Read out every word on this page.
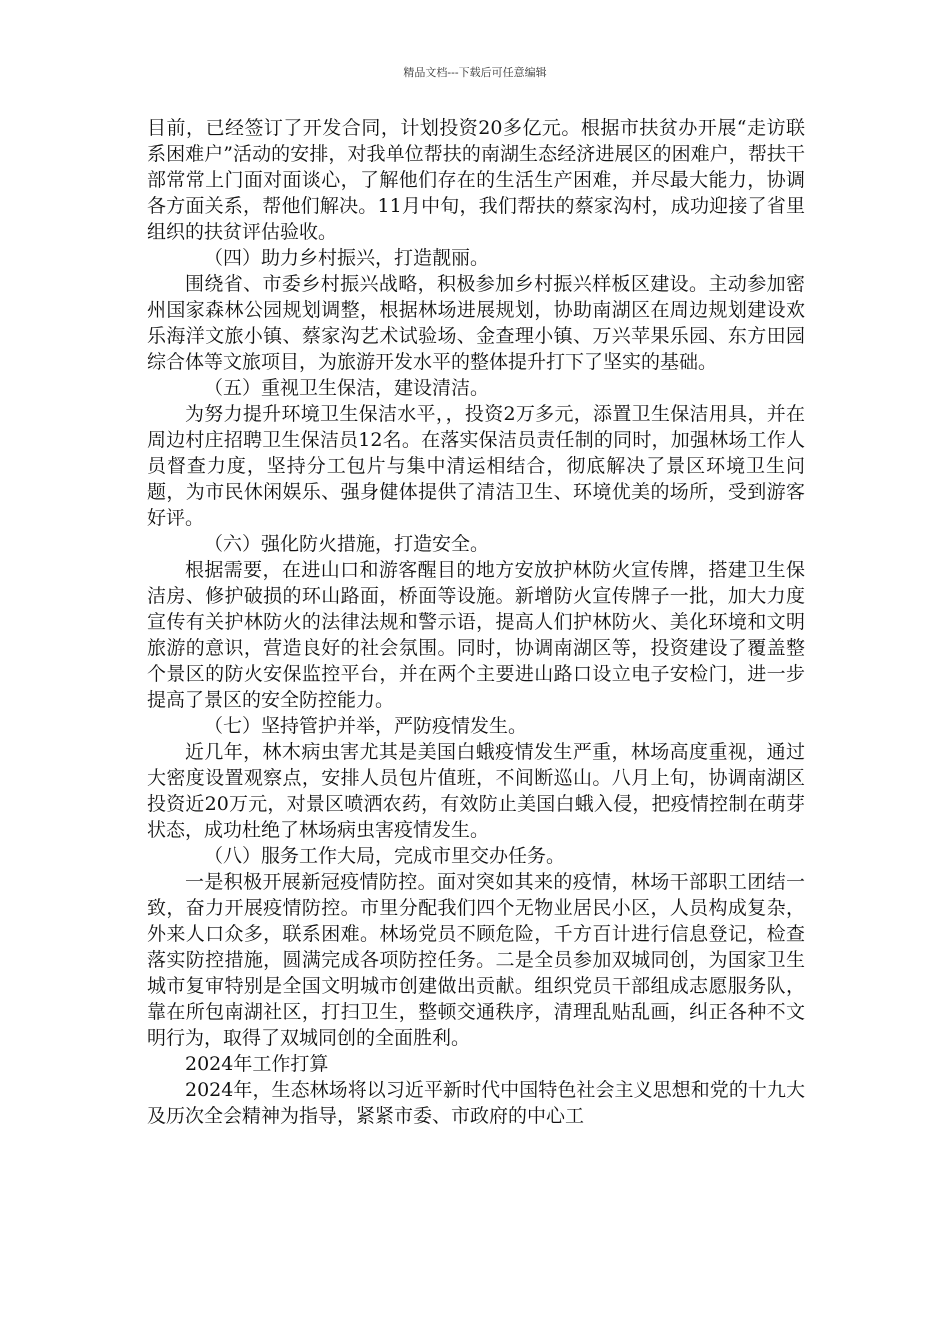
精品文档---下载后可任意编辑

目前，已经签订了开发合同，计划投资20多亿元。根据市扶贫办开展“走访联系困难户”活动的安排，对我单位帮扶的南湖生态经济进展区的困难户，帮扶干部常常上门面对面谈心，了解他们存在的生活生产困难，并尽最大能力，协调各方面关系，帮他们解决。11月中旬，我们帮扶的蔡家沟村，成功迎接了省里组织的扶贫评估验收。

（四）助力乡村振兴，打造靓丽。

围绕省、市委乡村振兴战略，积极参加乡村振兴样板区建设。主动参加密州国家森林公园规划调整，根据林场进展规划，协助南湖区在周边规划建设欢乐海洋文旅小镇、蔡家沟艺术试验场、金查理小镇、万兴苹果乐园、东方田园综合体等文旅项目，为旅游开发水平的整体提升打下了坚实的基础。

（五）重视卫生保洁，建设清洁。

为努力提升环境卫生保洁水平，，投资2万多元，添置卫生保洁用具，并在周边村庄招聘卫生保洁员12名。在落实保洁员责任制的同时，加强林场工作人员督查力度，坚持分工包片与集中清运相结合，彻底解决了景区环境卫生问题，为市民休闲娱乐、强身健体提供了清洁卫生、环境优美的场所，受到游客好评。

（六）强化防火措施，打造安全。

根据需要，在进山口和游客醒目的地方安放护林防火宣传牌，搭建卫生保洁房、修护破损的环山路面，桥面等设施。新增防火宣传牌子一批，加大力度宣传有关护林防火的法律法规和警示语，提高人们护林防火、美化环境和文明旅游的意识，营造良好的社会氛围。同时，协调南湖区等，投资建设了覆盖整个景区的防火安保监控平台，并在两个主要进山路口设立电子安检门，进一步提高了景区的安全防控能力。

（七）坚持管护并举，严防疫情发生。

近几年，林木病虫害尤其是美国白蛾疫情发生严重，林场高度重视，通过大密度设置观察点，安排人员包片值班，不间断巡山。八月上旬，协调南湖区投资近20万元，对景区喷洒农药，有效防止美国白蛾入侵，把疫情控制在萌芽状态，成功杜绝了林场病虫害疫情发生。

（八）服务工作大局，完成市里交办任务。

一是积极开展新冠疫情防控。面对突如其来的疫情，林场干部职工团结一致，奋力开展疫情防控。市里分配我们四个无物业居民小区，人员构成复杂，外来人口众多，联系困难。林场党员不顾危险，千方百计进行信息登记，检查落实防控措施，圆满完成各项防控任务。二是全员参加双城同创，为国家卫生城市复审特别是全国文明城市创建做出贡献。组织党员干部组成志愿服务队，靠在所包南湖社区，打扫卫生，整顿交通秩序，清理乱贴乱画，纠正各种不文明行为，取得了双城同创的全面胜利。

2024年工作打算

2024年，生态林场将以习近平新时代中国特色社会主义思想和党的十九大及历次全会精神为指导，紧紧市委、市政府的中心工
